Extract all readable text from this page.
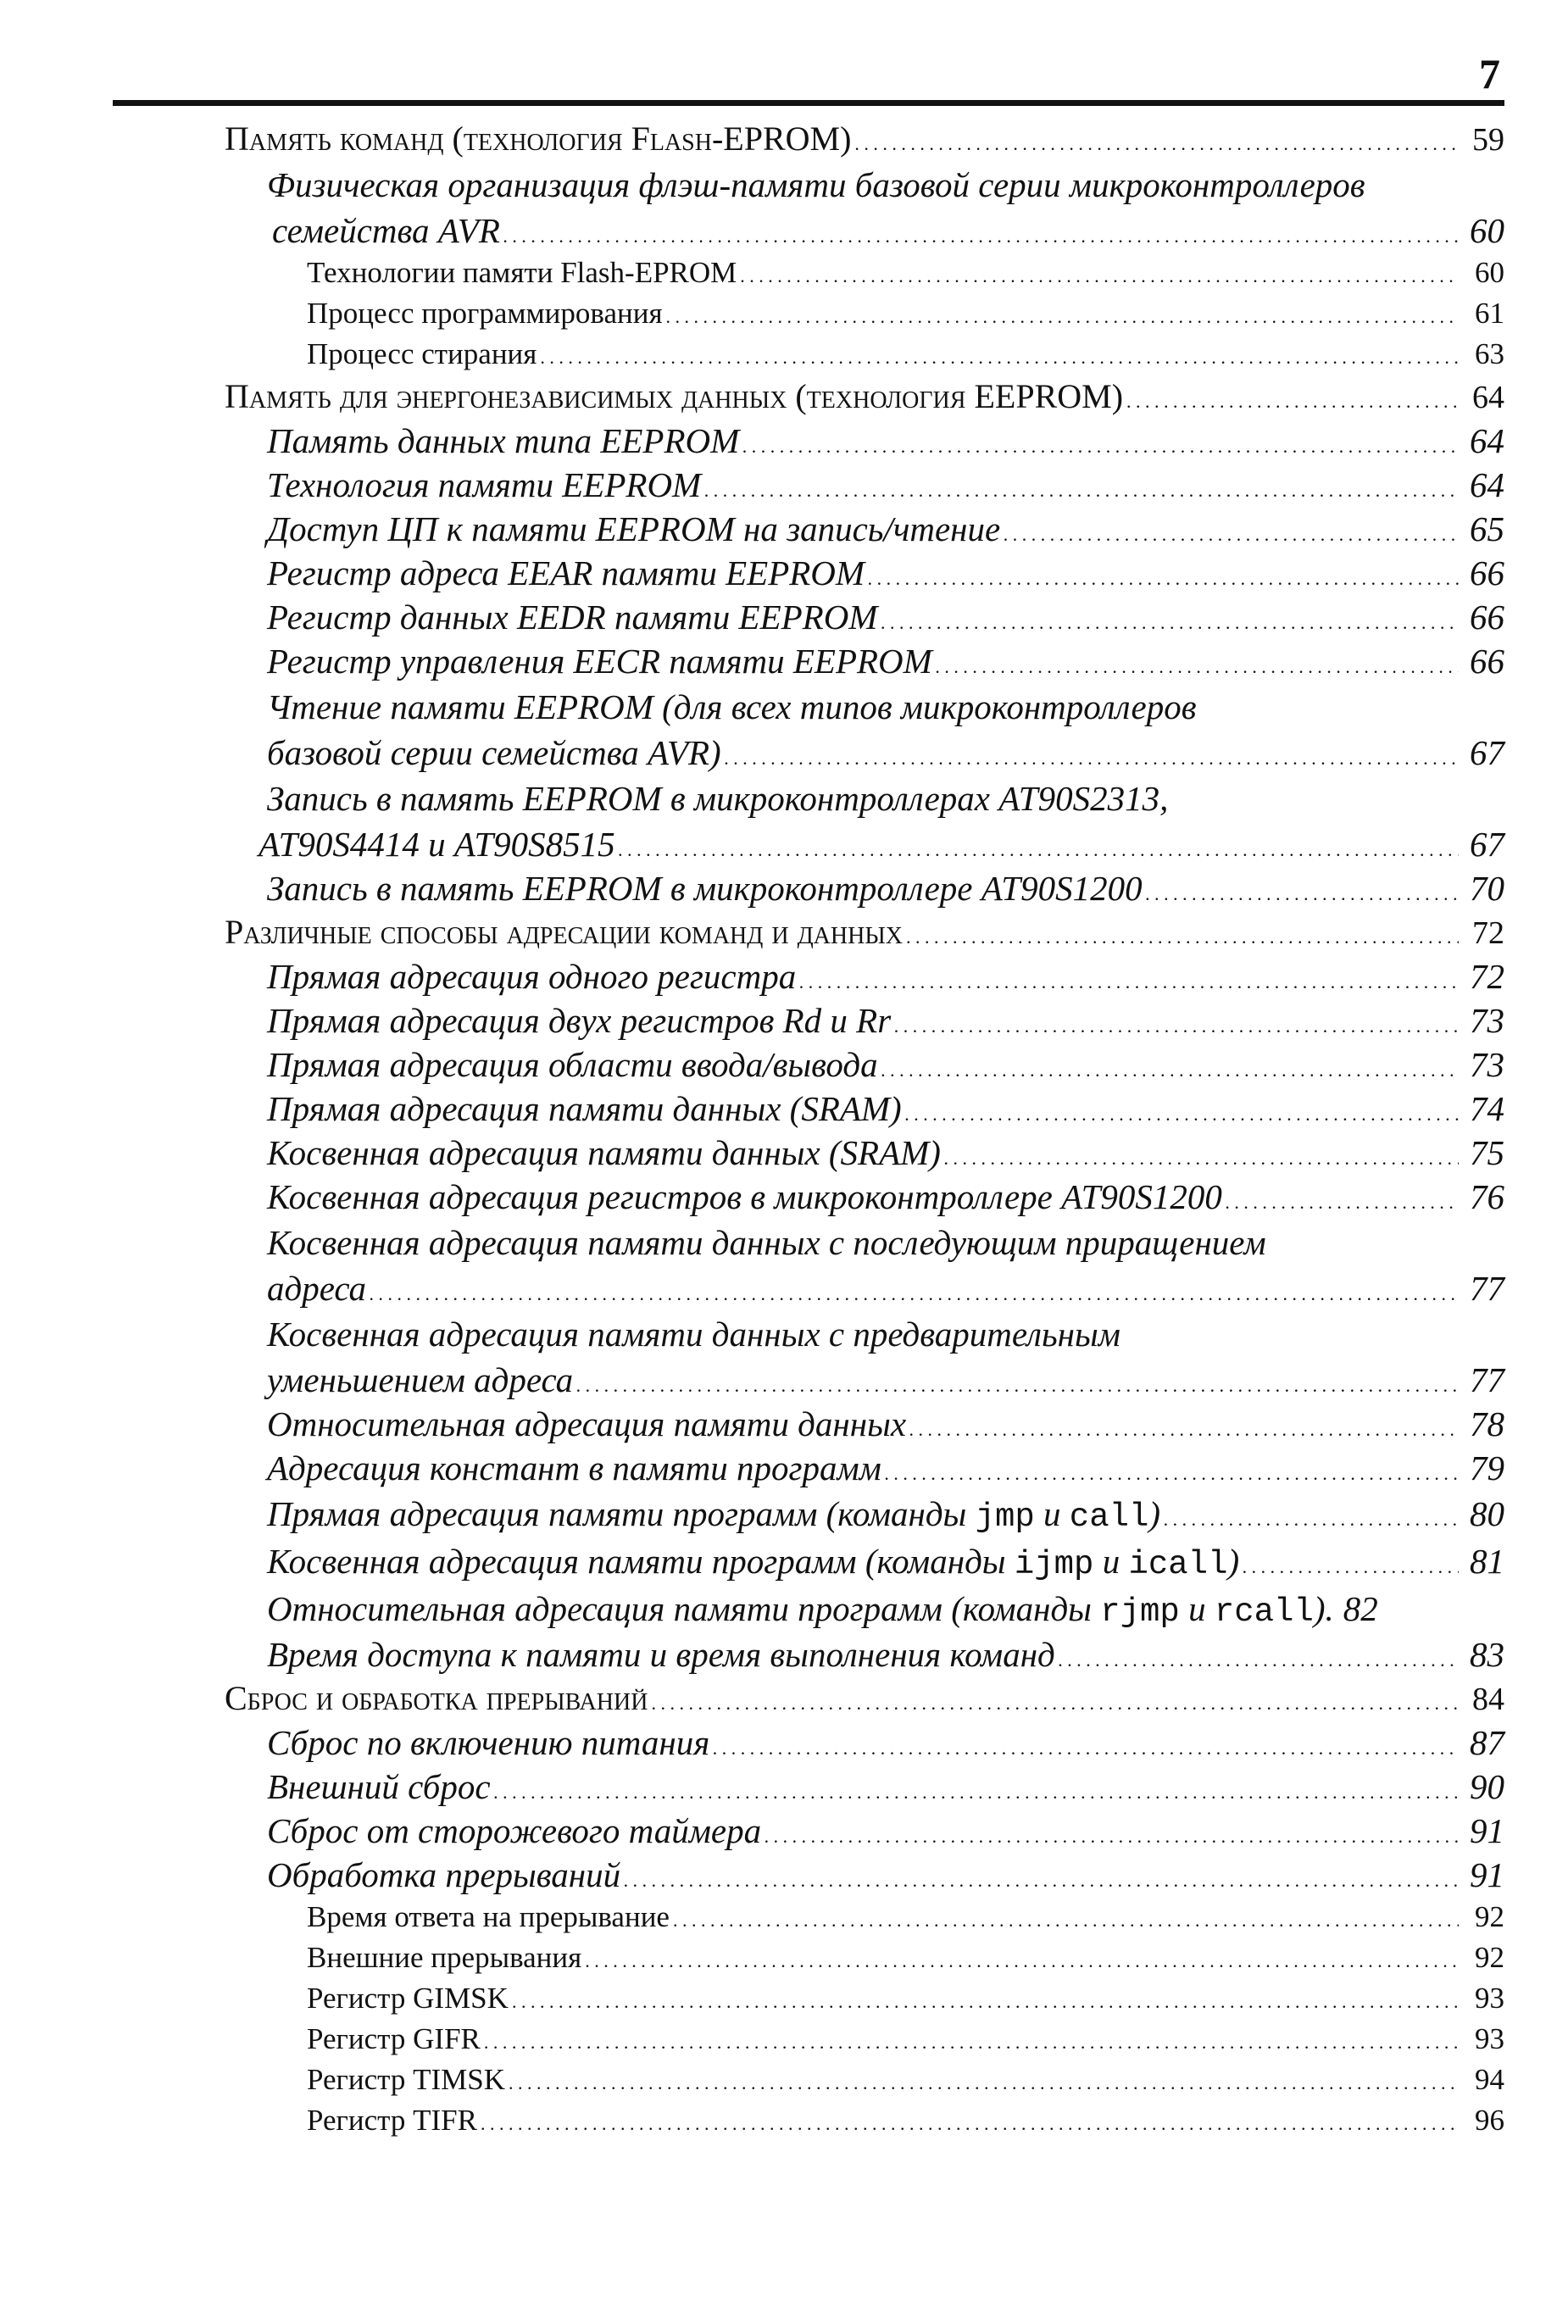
7
Память команд (технология Flash-EPROM) . . .	59
Физическая организация флэш-памяти базовой серии микроконтроллеров
семейства AVR . . .	60
Технологии памяти Flash-EPROM . . .	60
Процесс программирования . . .	61
Процесс стирания . . .	63
Память для энергонезависимых данных (технология EEPROM) . . .	64
Память данных типа EEPROM . . .	64
Технология памяти EEPROM . . .	64
Доступ ЦП к памяти EEPROM на запись/чтение . . .	65
Регистр адреса EEAR памяти EEPROM . . .	66
Регистр данных EEDR памяти EEPROM . . .	66
Регистр управления EECR памяти EEPROM . . .	66
Чтение памяти EEPROM (для всех типов микроконтроллеров
базовой серии семейства AVR) . . .	67
Запись в память EEPROM в микроконтроллерах AT90S2313,
AT90S4414 и AT90S8515 . . .	67
Запись в память EEPROM в микроконтроллере AT90S1200 . . .	70
Различные способы адресации команд и данных . . .	72
Прямая адресация одного регистра . . .	72
Прямая адресация двух регистров Rd и Rr . . .	73
Прямая адресация области ввода/вывода . . .	73
Прямая адресация памяти данных (SRAM) . . .	74
Косвенная адресация памяти данных (SRAM) . . .	75
Косвенная адресация регистров в микроконтроллере AT90S1200 . . .	76
Косвенная адресация памяти данных с последующим приращением
адреса . . .	77
Косвенная адресация памяти данных с предварительным
уменьшением адреса . . .	77
Относительная адресация памяти данных . . .	78
Адресация констант в памяти программ . . .	79
Прямая адресация памяти программ (команды jmp и call) . . .	80
Косвенная адресация памяти программ (команды ijmp и icall) . . .	81
Относительная адресация памяти программ (команды rjmp и rcall). 82
Время доступа к памяти и время выполнения команд . . .	83
Сброс и обработка прерываний . . .	84
Сброс по включению питания . . .	87
Внешний сброс . . .	90
Сброс от сторожевого таймера . . .	91
Обработка прерываний . . .	91
Время ответа на прерывание . . .	92
Внешние прерывания . . .	92
Регистр GIMSK . . .	93
Регистр GIFR . . .	93
Регистр TIMSK . . .	94
Регистр TIFR . . .	96
